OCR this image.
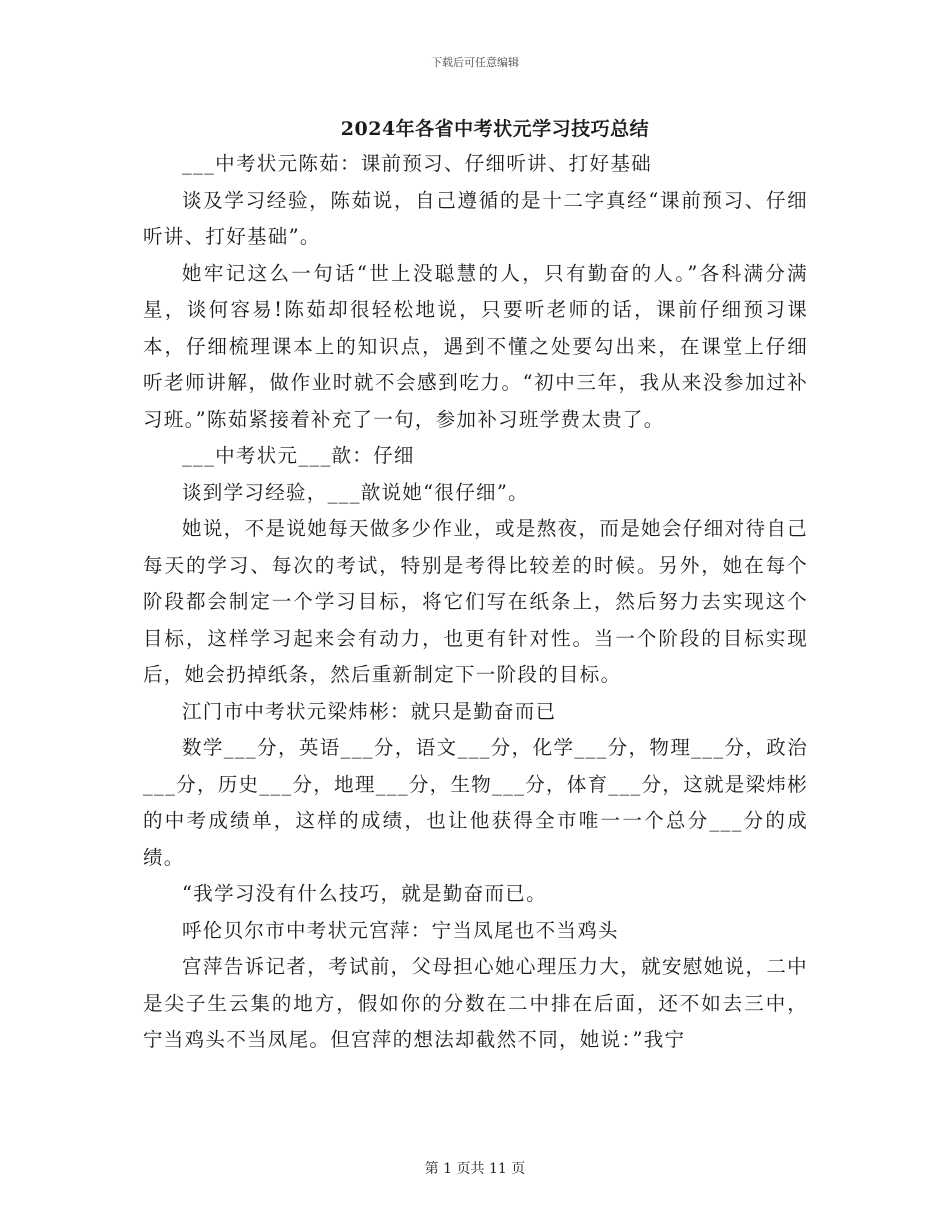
下载后可任意编辑
2024年各省中考状元学习技巧总结

___中考状元陈茹：课前预习、仔细听讲、打好基础

谈及学习经验，陈茹说，自己遵循的是十二字真经“课前预习、仔细听讲、打好基础”。

她牢记这么一句话“世上没聪慧的人，只有勤奋的人。”各科满分满星，谈何容易!陈茹却很轻松地说，只要听老师的话，课前仔细预习课本，仔细梳理课本上的知识点，遇到不懂之处要勾出来，在课堂上仔细听老师讲解，做作业时就不会感到吃力。“初中三年，我从来没参加过补习班。”陈茹紧接着补充了一句，参加补习班学费太贵了。

___中考状元___歆：仔细

谈到学习经验，___歆说她“很仔细”。

她说，不是说她每天做多少作业，或是熬夜，而是她会仔细对待自己每天的学习、每次的考试，特别是考得比较差的时候。另外，她在每个阶段都会制定一个学习目标，将它们写在纸条上，然后努力去实现这个目标，这样学习起来会有动力，也更有针对性。当一个阶段的目标实现后，她会扔掉纸条，然后重新制定下一阶段的目标。

江门市中考状元梁炜彬：就只是勤奋而已

数学___分，英语___分，语文___分，化学___分，物理___分，政治___分，历史___分，地理___分，生物___分，体育___分，这就是梁炜彬的中考成绩单，这样的成绩，也让他获得全市唯一一个总分___分的成绩。

“我学习没有什么技巧，就是勤奋而已。

呼伦贝尔市中考状元宫萍：宁当凤尾也不当鸡头

宫萍告诉记者，考试前，父母担心她心理压力大，就安慰她说，二中是尖子生云集的地方，假如你的分数在二中排在后面，还不如去三中，宁当鸡头不当凤尾。但宫萍的想法却截然不同，她说：”我宁

第 1 页共 11 页
